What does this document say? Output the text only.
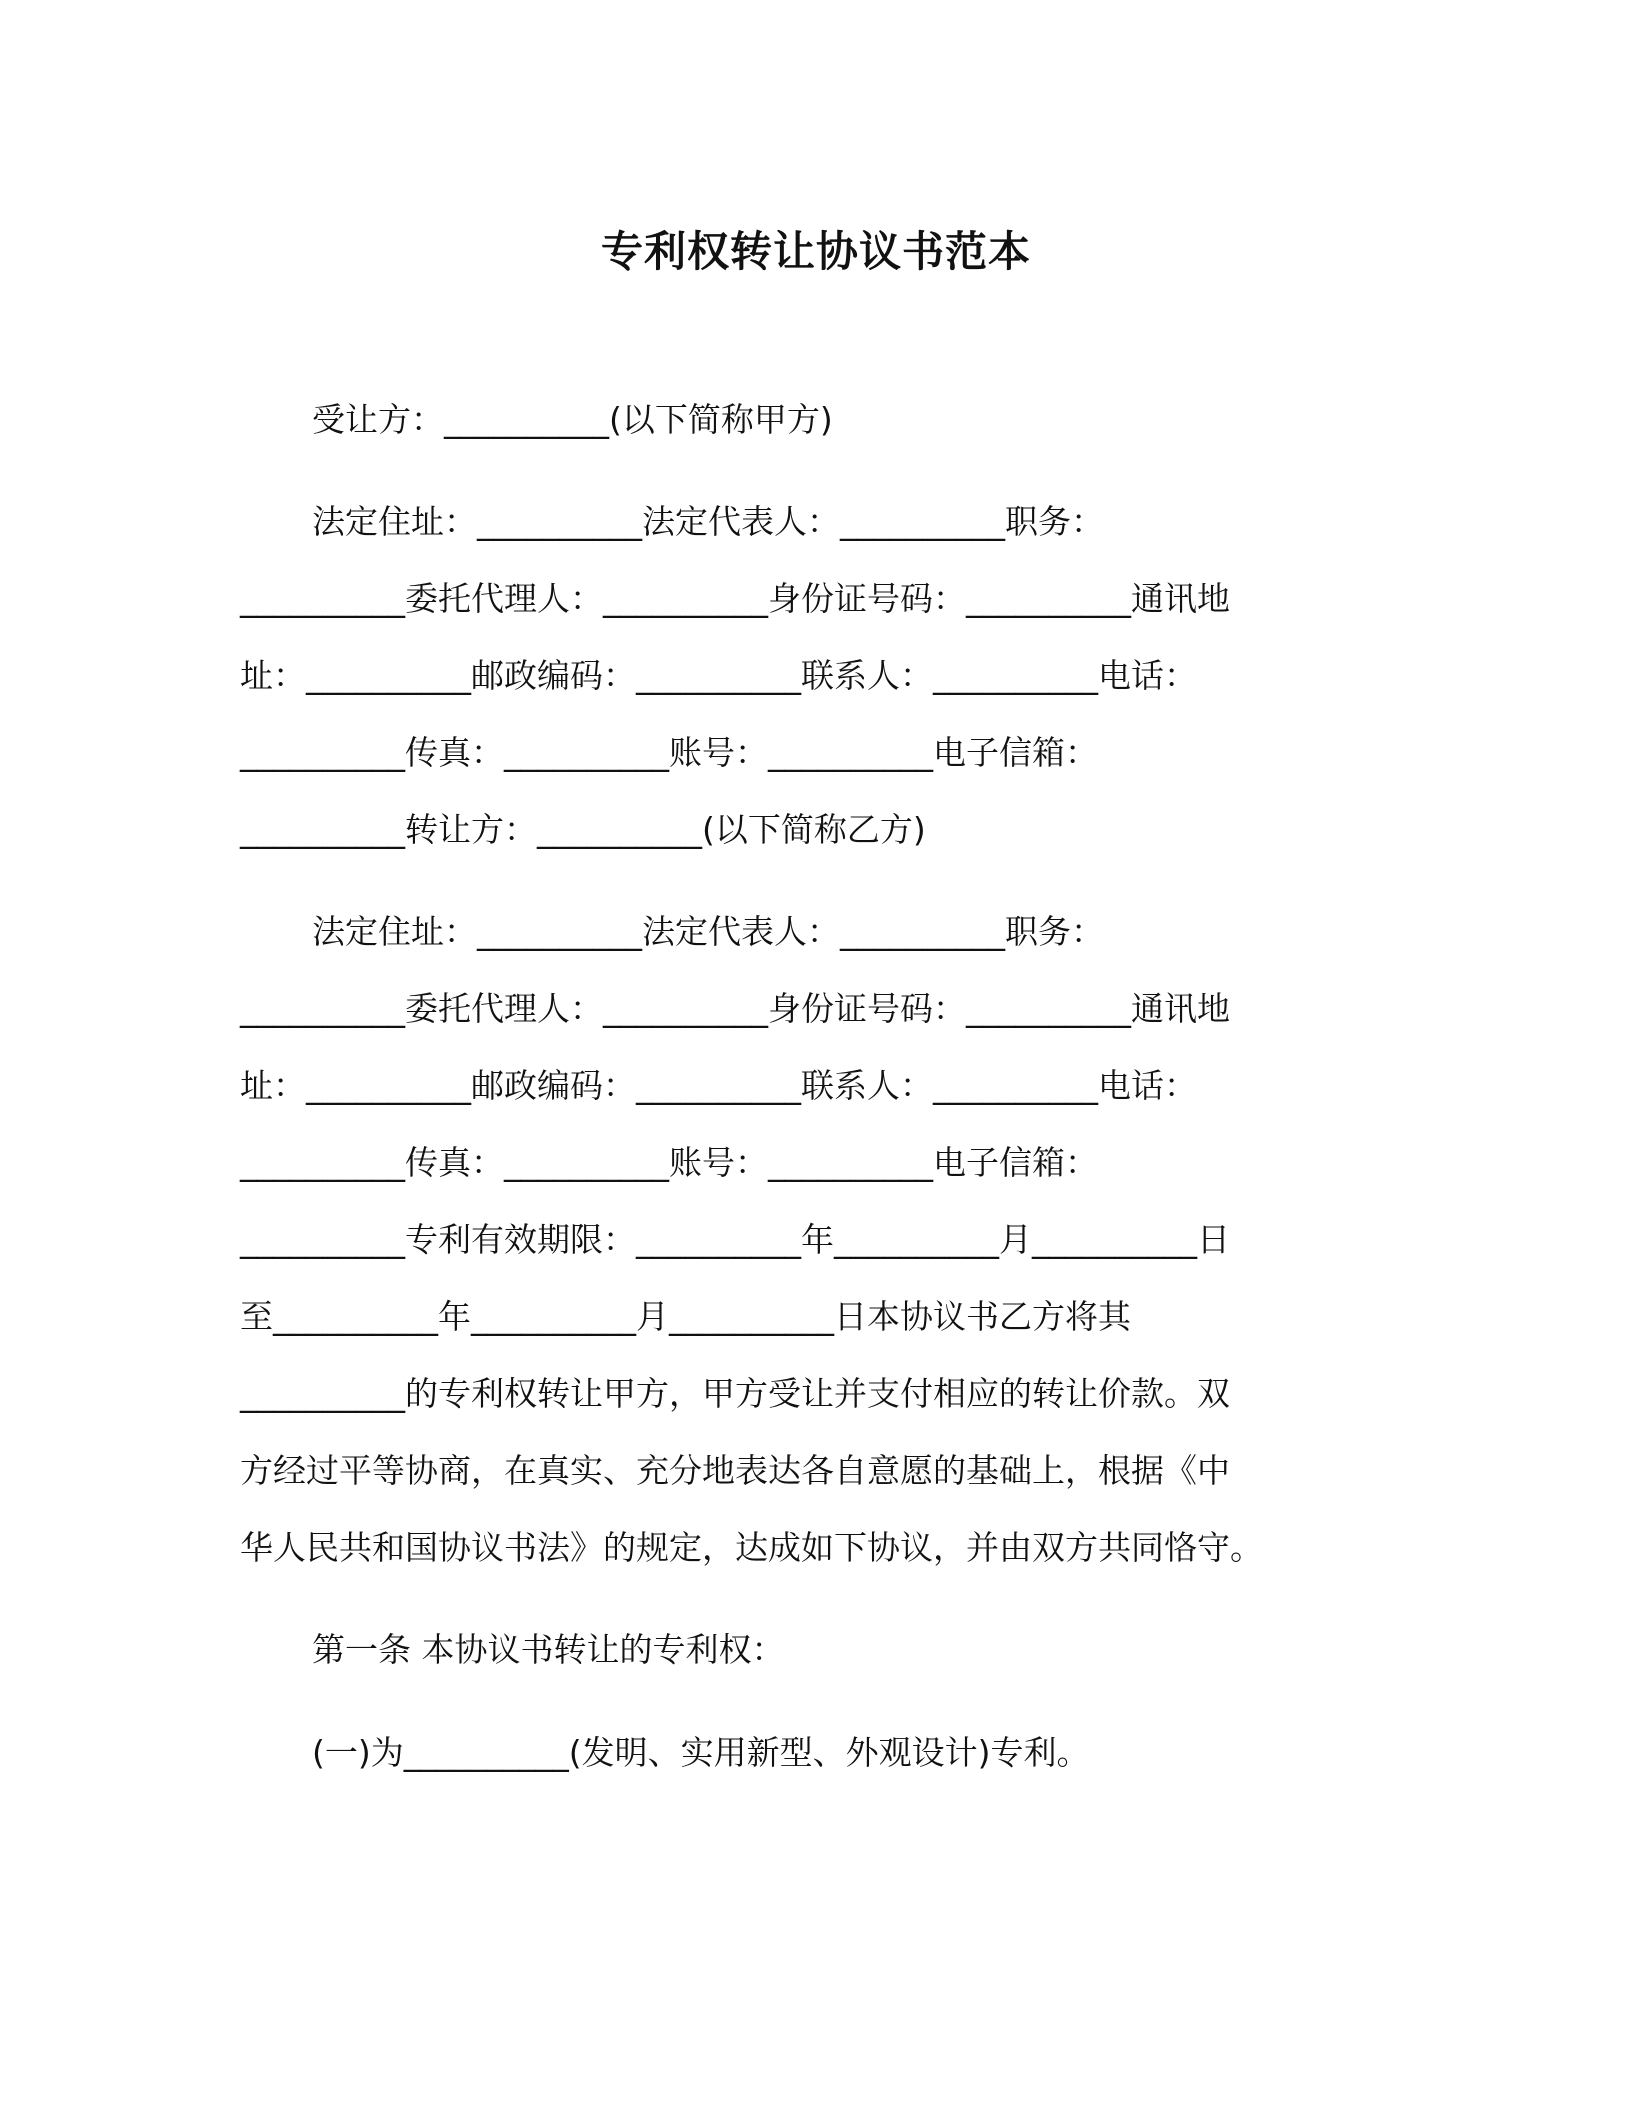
专利权转让协议书范本
受让方：__________(以下简称甲方)
法定住址：__________法定代表人：__________职务：
__________委托代理人：__________身份证号码：__________通讯地
址：__________邮政编码：__________联系人：__________电话：
__________传真：__________账号：__________电子信箱：
__________转让方：__________(以下简称乙方)
法定住址：__________法定代表人：__________职务：
__________委托代理人：__________身份证号码：__________通讯地
址：__________邮政编码：__________联系人：__________电话：
__________传真：__________账号：__________电子信箱：
__________专利有效期限：__________年__________月__________日
至__________年__________月__________日本协议书乙方将其
__________的专利权转让甲方，甲方受让并支付相应的转让价款。双
方经过平等协商，在真实、充分地表达各自意愿的基础上，根据《中
华人民共和国协议书法》的规定，达成如下协议，并由双方共同恪守。
第一条 本协议书转让的专利权：
(一)为__________(发明、实用新型、外观设计)专利。
